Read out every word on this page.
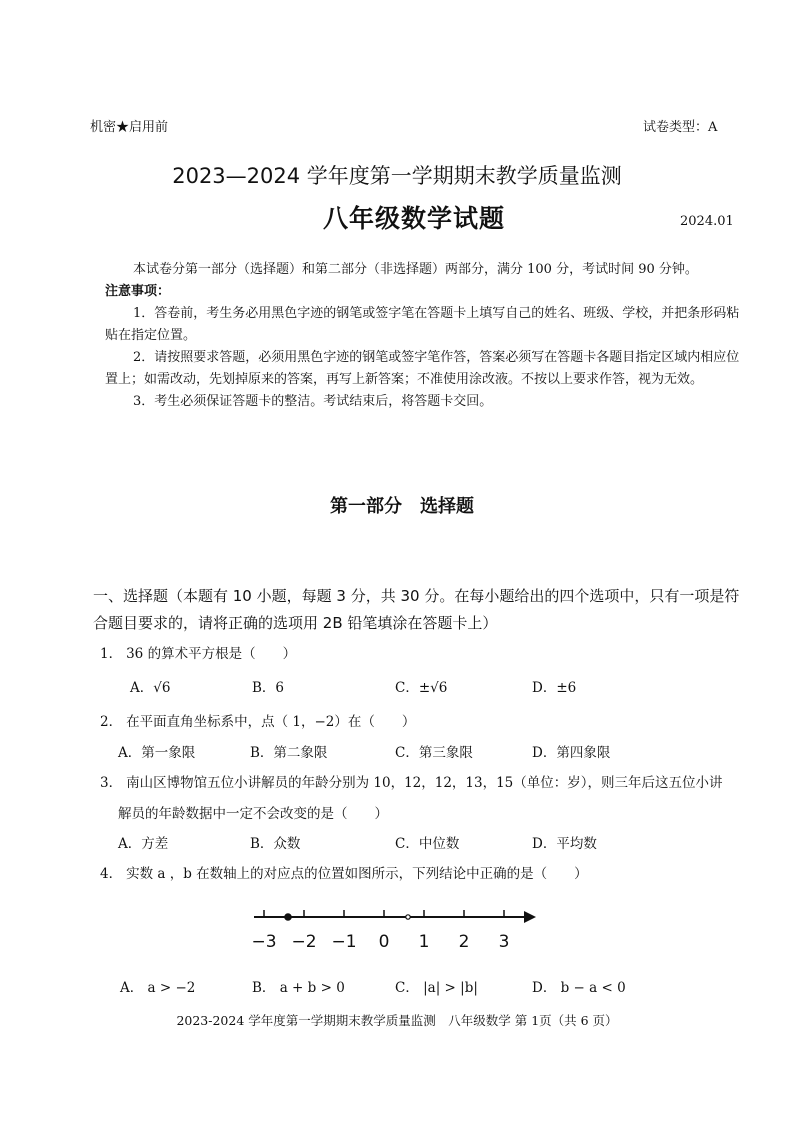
机密★启用前	试卷类型：A
2023—2024 学年度第一学期期末教学质量监测
八年级数学试题	2024.01

本试卷分第一部分（选择题）和第二部分（非选择题）两部分，满分 100 分，考试时间 90 分钟。

注意事项：

1．答卷前，考生务必用黑色字迹的钢笔或签字笔在答题卡上填写自己的姓名、班级、学校，并把条形码粘贴在指定位置。

2．请按照要求答题，必须用黑色字迹的钢笔或签字笔作答，答案必须写在答题卡各题目指定区域内相应位置上；如需改动，先划掉原来的答案，再写上新答案；不准使用涂改液。不按以上要求作答，视为无效。

3．考生必须保证答题卡的整洁。考试结束后，将答题卡交回。

第一部分　选择题
一、选择题（本题有 10 小题，每题 3 分，共 30 分。在每小题给出的四个选项中，只有一项是符合题目要求的，请将正确的选项用 2B 铅笔填涂在答题卡上）
1． 36 的算术平方根是（　　）
A．√6	B．6	C．±√6	D．±6
2． 在平面直角坐标系中，点（ 1，−2）在（　　）
A．第一象限	B．第二象限	C．第三象限	D．第四象限
3． 南山区博物馆五位小讲解员的年龄分别为 10，12，12，13，15（单位：岁），则三年后这五位小讲
解员的年龄数据中一定不会改变的是（　　）
A．方差	B．众数	C．中位数	D．平均数
4． 实数 a ，b 在数轴上的对应点的位置如图所示，下列结论中正确的是（　　）
−3 −2 −1 0 1 2 3
A． a > −2	B． a + b > 0	C． |a| > |b|	D． b − a < 0
2023-2024 学年度第一学期期末教学质量监测　八年级数学 第 1页（共 6 页）
